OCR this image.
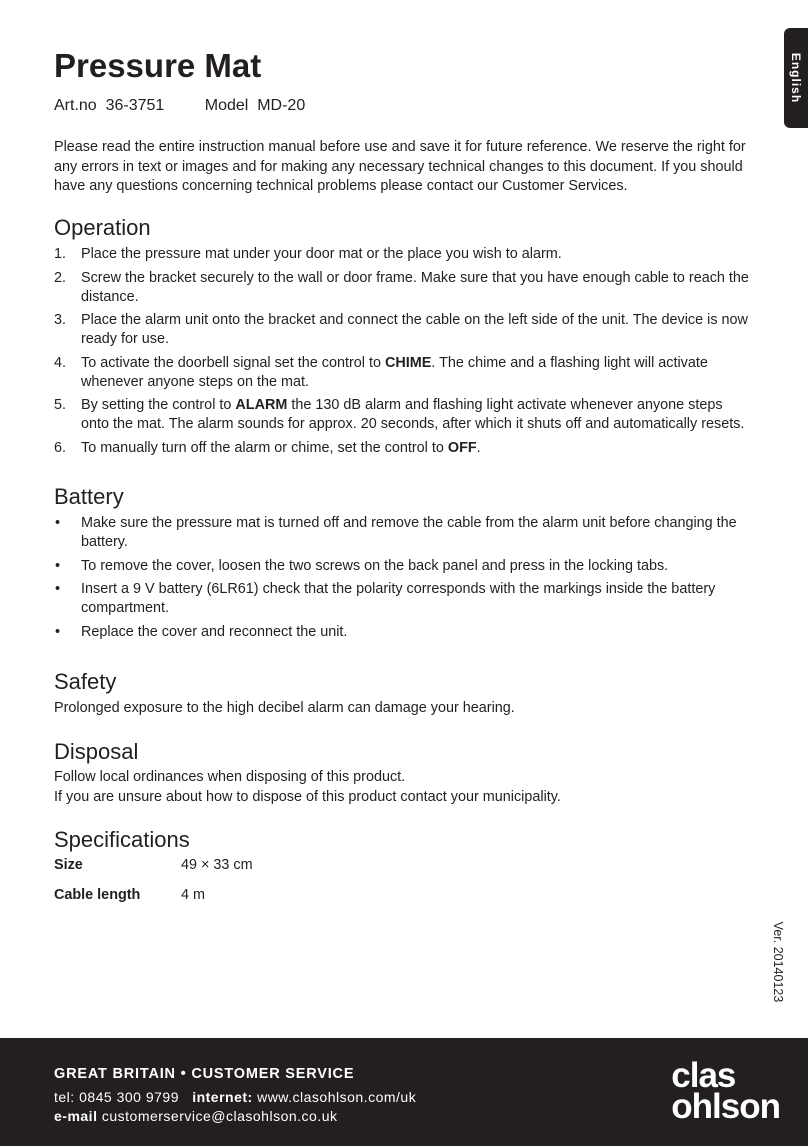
English
Pressure Mat
Art.no 36-3751	Model MD-20

Please read the entire instruction manual before use and save it for future reference. We reserve the right for any errors in text or images and for making any necessary technical changes to this document. If you should have any questions concerning technical problems please contact our Customer Services.

Operation
1. Place the pressure mat under your door mat or the place you wish to alarm.
2. Screw the bracket securely to the wall or door frame. Make sure that you have enough cable to reach the distance.
3. Place the alarm unit onto the bracket and connect the cable on the left side of the unit. The device is now ready for use.
4. To activate the doorbell signal set the control to CHIME. The chime and a flashing light will activate whenever anyone steps on the mat.
5. By setting the control to ALARM the 130 dB alarm and flashing light activate whenever anyone steps onto the mat. The alarm sounds for approx. 20 seconds, after which it shuts off and automatically resets.
6. To manually turn off the alarm or chime, set the control to OFF.
Battery
• Make sure the pressure mat is turned off and remove the cable from the alarm unit before changing the battery.
• To remove the cover, loosen the two screws on the back panel and press in the locking tabs.
• Insert a 9 V battery (6LR61) check that the polarity corresponds with the markings inside the battery compartment.
• Replace the cover and reconnect the unit.
Safety

Prolonged exposure to the high decibel alarm can damage your hearing.

Disposal
Follow local ordinances when disposing of this product.
If you are unsure about how to dispose of this product contact your municipality.
Specifications
Size	49 × 33 cm
Cable length	4 m
Ver. 20140123
GREAT BRITAIN • CUSTOMER SERVICE
tel: 0845 300 9799 internet: www.clasohlson.com/uk
e-mail customerservice@clasohlson.co.uk
clas
ohlson
